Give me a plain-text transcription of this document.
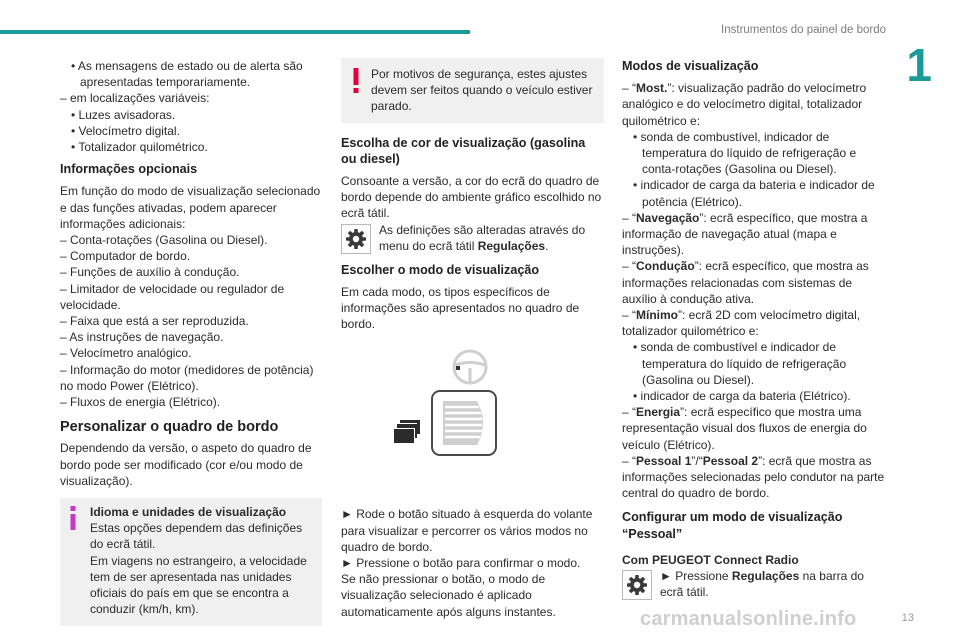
Instrumentos do painel de bordo
1

• As mensagens de estado ou de alerta são apresentadas temporariamente.

– em localizações variáveis:

• Luzes avisadoras.

• Velocímetro digital.

• Totalizador quilométrico.

Informações opcionais

Em função do modo de visualização selecionado e das funções ativadas, podem aparecer informações adicionais:

– Conta-rotações (Gasolina ou Diesel).

– Computador de bordo.

– Funções de auxílio à condução.

– Limitador de velocidade ou regulador de velocidade.

– Faixa que está a ser reproduzida.

– As instruções de navegação.

– Velocímetro analógico.

– Informação do motor (medidores de potência) no modo Power (Elétrico).

– Fluxos de energia (Elétrico).

Personalizar o quadro de bordo

Dependendo da versão, o aspeto do quadro de bordo pode ser modificado (cor e/ou modo de visualização).

Idioma e unidades de visualização

Estas opções dependem das definições do ecrã tátil.

Em viagens no estrangeiro, a velocidade tem de ser apresentada nas unidades oficiais do país em que se encontra a conduzir (km/h, km).

Por motivos de segurança, estes ajustes devem ser feitos quando o veículo estiver parado.

Escolha de cor de visualização (gasolina ou diesel)

Consoante a versão, a cor do ecrã do quadro de bordo depende do ambiente gráfico escolhido no ecrã tátil.

As definições são alteradas através do menu do ecrã tátil Regulações.

Escolher o modo de visualização

Em cada modo, os tipos específicos de informações são apresentados no quadro de bordo.

► Rode o botão situado à esquerda do volante para visualizar e percorrer os vários modos no quadro de bordo.

► Pressione o botão para confirmar o modo.

Se não pressionar o botão, o modo de visualização selecionado é aplicado automaticamente após alguns instantes.

Modos de visualização

– “Most.”: visualização padrão do velocímetro analógico e do velocímetro digital, totalizador quilométrico e:

• sonda de combustível, indicador de temperatura do líquido de refrigeração e conta-rotações (Gasolina ou Diesel).

• indicador de carga da bateria e indicador de potência (Elétrico).

– “Navegação”: ecrã específico, que mostra a informação de navegação atual (mapa e instruções).

– “Condução”: ecrã específico, que mostra as informações relacionadas com sistemas de auxílio à condução ativa.

– “Mínimo”: ecrã 2D com velocímetro digital, totalizador quilométrico e:

• sonda de combustível e indicador de temperatura do líquido de refrigeração (Gasolina ou Diesel).

• indicador de carga da bateria (Elétrico).

– “Energia”: ecrã específico que mostra uma representação visual dos fluxos de energia do veículo (Elétrico).

– “Pessoal 1”/“Pessoal 2”: ecrã que mostra as informações selecionadas pelo condutor na parte central do quadro de bordo.

Configurar um modo de visualização “Pessoal”

Com PEUGEOT Connect Radio

► Pressione Regulações na barra do ecrã tátil.

carmanualsonline.info	13
